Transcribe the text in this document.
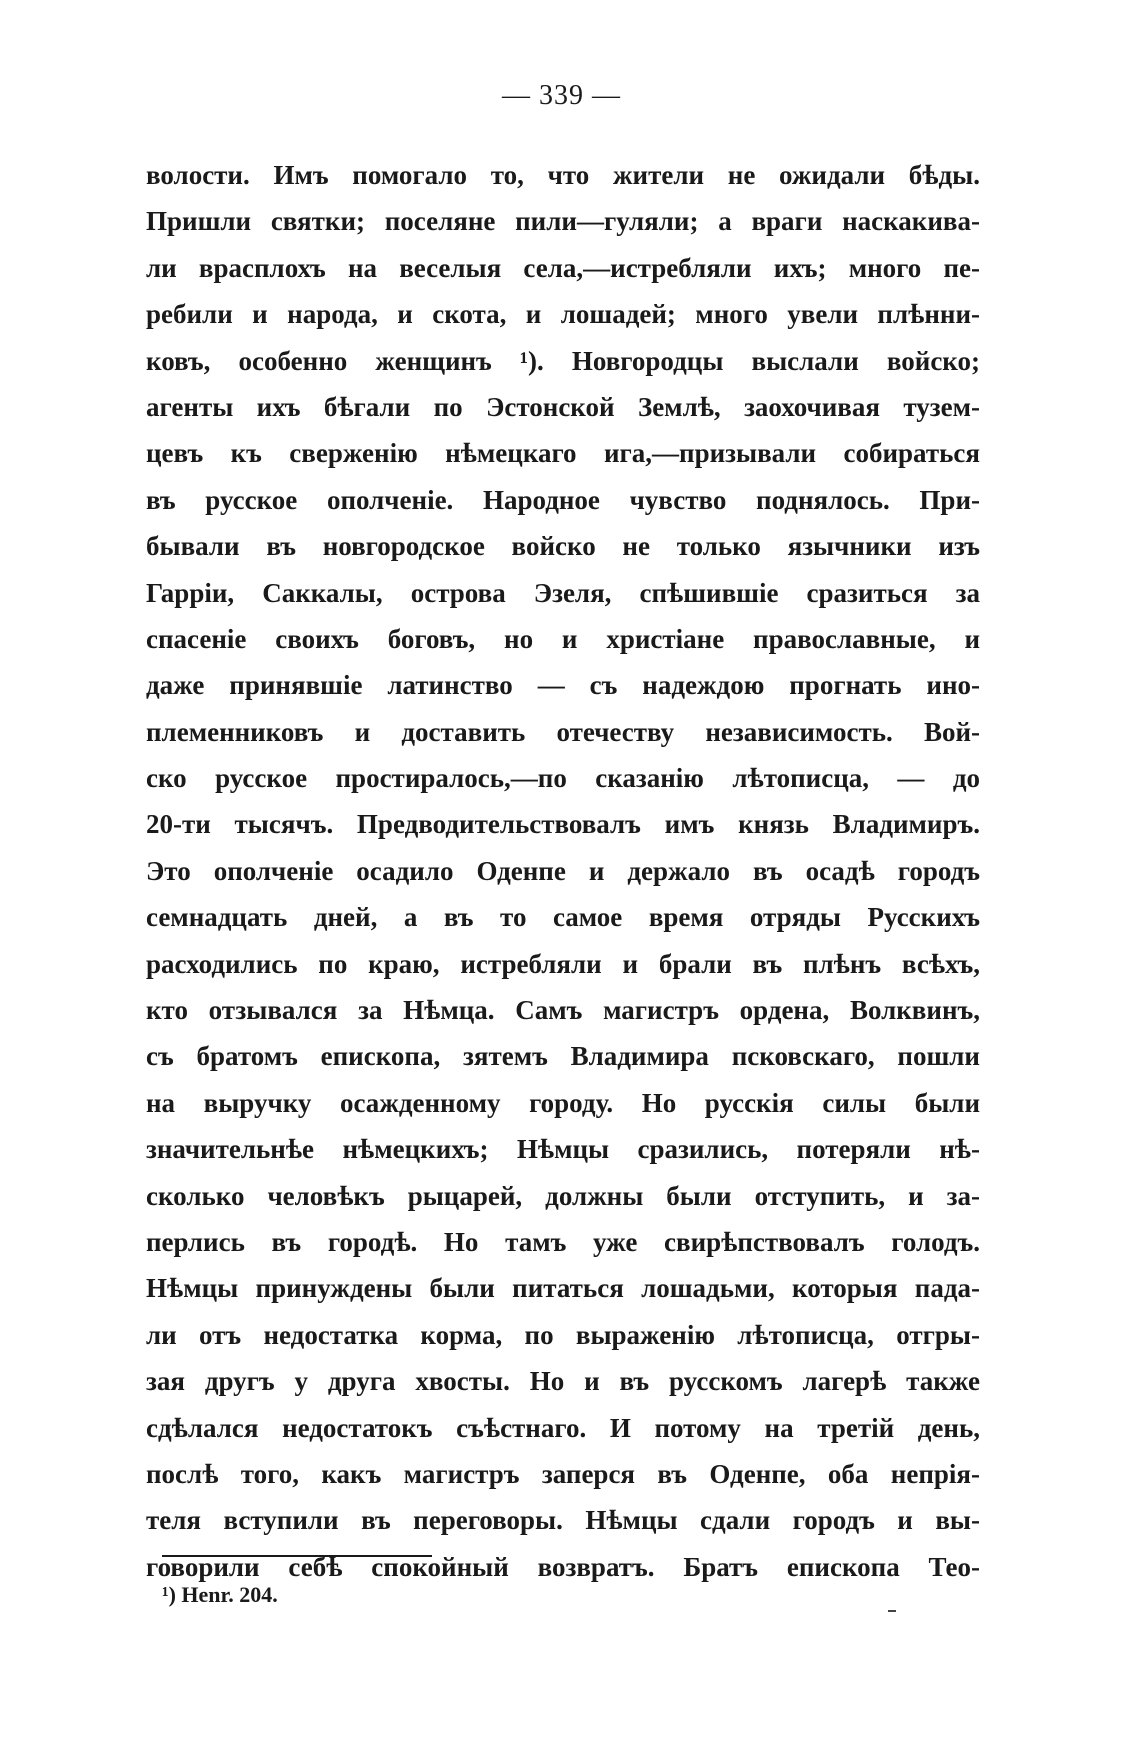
— 339 —
волости. Имъ помогало то, что жители не ожидали бѣды.
Пришли святки; поселяне пили—гуляли; а враги наскакива-
ли врасплохъ на веселыя села,—истребляли ихъ; много пе-
ребили и народа, и скота, и лошадей; много увели плѣнни-
ковъ, особенно женщинъ ¹). Новгородцы выслали войско;
агенты ихъ бѣгали по Эстонской Землѣ, заохочивая тузем-
цевъ къ сверженiю нѣмецкаго ига,—призывали собираться
въ русское ополченiе. Народное чувство поднялось. При-
бывали въ новгородское войско не только язычники изъ
Гарріи, Саккалы, острова Эзеля, спѣшившіе сразиться за
спасеніе своихъ боговъ, но и христіане православные, и
даже принявшіе латинство — съ надеждою прогнать ино-
племенниковъ и доставить отечеству независимость. Вой-
ско русское простиралось,—по сказанію лѣтописца, — до
20-ти тысячъ. Предводительствовалъ имъ князь Владимиръ.
Это ополченіе осадило Оденпе и держало въ осадѣ городъ
семнадцать дней, а въ то самое время отряды Русскихъ
расходились по краю, истребляли и брали въ плѣнъ всѣхъ,
кто отзывался за Нѣмца. Самъ магистръ ордена, Волквинъ,
съ братомъ епископа, зятемъ Владимира псковскаго, пошли
на выручку осажденному городу. Но русскія силы были
значительнѣе нѣмецкихъ; Нѣмцы сразились, потеряли нѣ-
сколько человѣкъ рыцарей, должны были отступить, и за-
перлись въ городѣ. Но тамъ уже свирѣпствовалъ голодъ.
Нѣмцы принуждены были питаться лошадьми, которыя пада-
ли отъ недостатка корма, по выраженію лѣтописца, отгры-
зая другъ у друга хвосты. Но и въ русскомъ лагерѣ также
сдѣлался недостатокъ съѣстнаго. И потому на третій день,
послѣ того, какъ магистръ заперся въ Оденпе, оба непрія-
теля вступили въ переговоры. Нѣмцы сдали городъ и вы-
говорили себѣ спокойный возвратъ. Братъ епископа Тео-
¹) Henr. 204.
